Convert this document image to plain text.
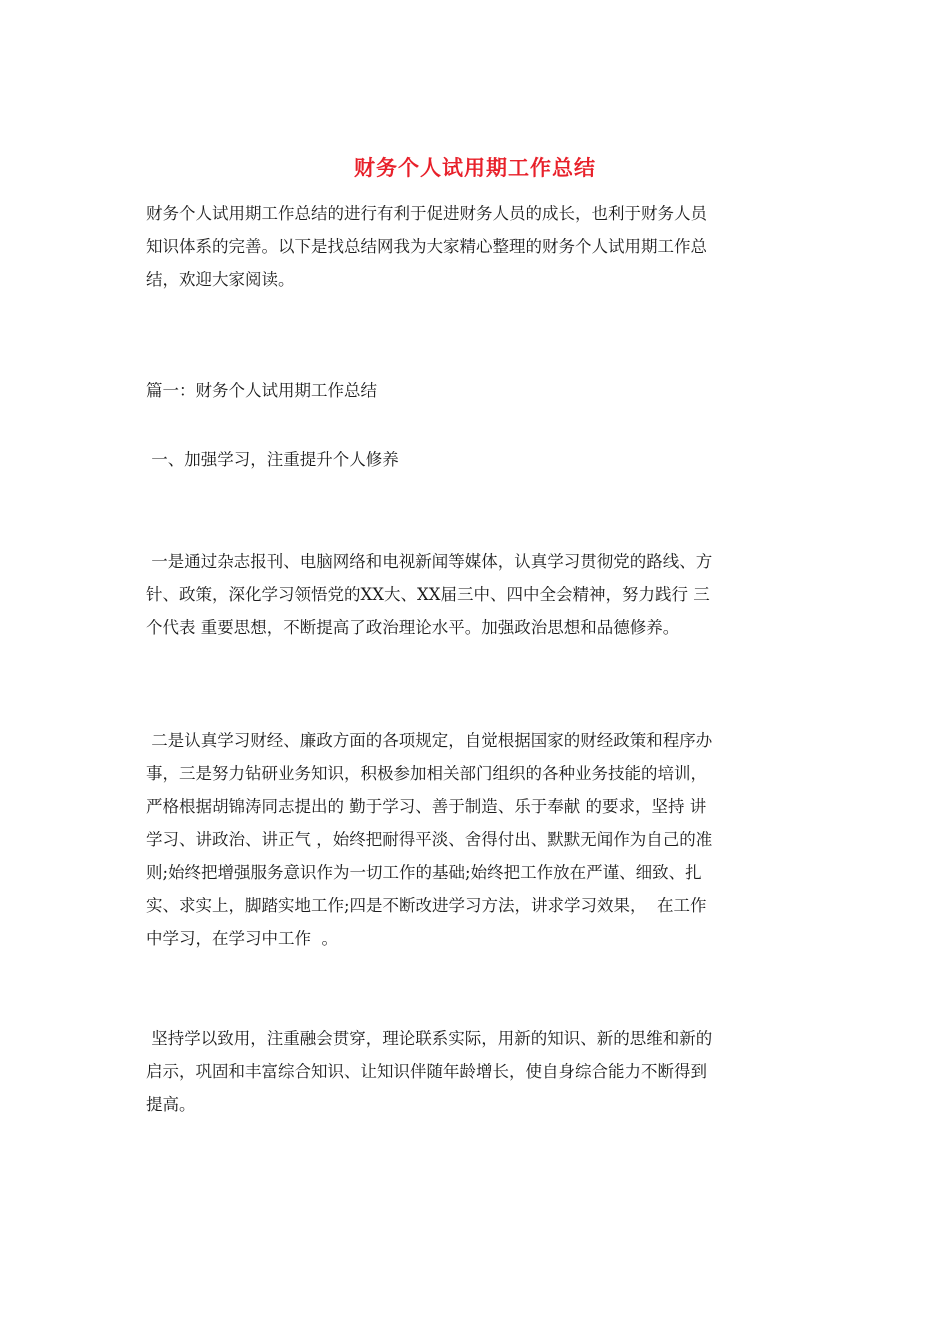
财务个人试用期工作总结
财务个人试用期工作总结的进行有利于促进财务人员的成长，也利于财务人员
知识体系的完善。以下是找总结网我为大家精心整理的财务个人试用期工作总
结，欢迎大家阅读。
篇一：财务个人试用期工作总结
一、加强学习，注重提升个人修养
一是通过杂志报刊、电脑网络和电视新闻等媒体，认真学习贯彻党的路线、方
针、政策，深化学习领悟党的XX大、XX届三中、四中全会精神，努力践行 三
个代表 重要思想，不断提高了政治理论水平。加强政治思想和品德修养。
二是认真学习财经、廉政方面的各项规定，自觉根据国家的财经政策和程序办
事，三是努力钻研业务知识，积极参加相关部门组织的各种业务技能的培训，
严格根据胡锦涛同志提出的 勤于学习、善于制造、乐于奉献 的要求，坚持 讲
学习、讲政治、讲正气 ，始终把耐得平淡、舍得付出、默默无闻作为自己的准
则;始终把增强服务意识作为一切工作的基础;始终把工作放在严谨、细致、扎
实、求实上，脚踏实地工作;四是不断改进学习方法，讲求学习效果，  在工作
中学习，在学习中工作  。
坚持学以致用，注重融会贯穿，理论联系实际，用新的知识、新的思维和新的
启示，巩固和丰富综合知识、让知识伴随年龄增长，使自身综合能力不断得到
提高。
